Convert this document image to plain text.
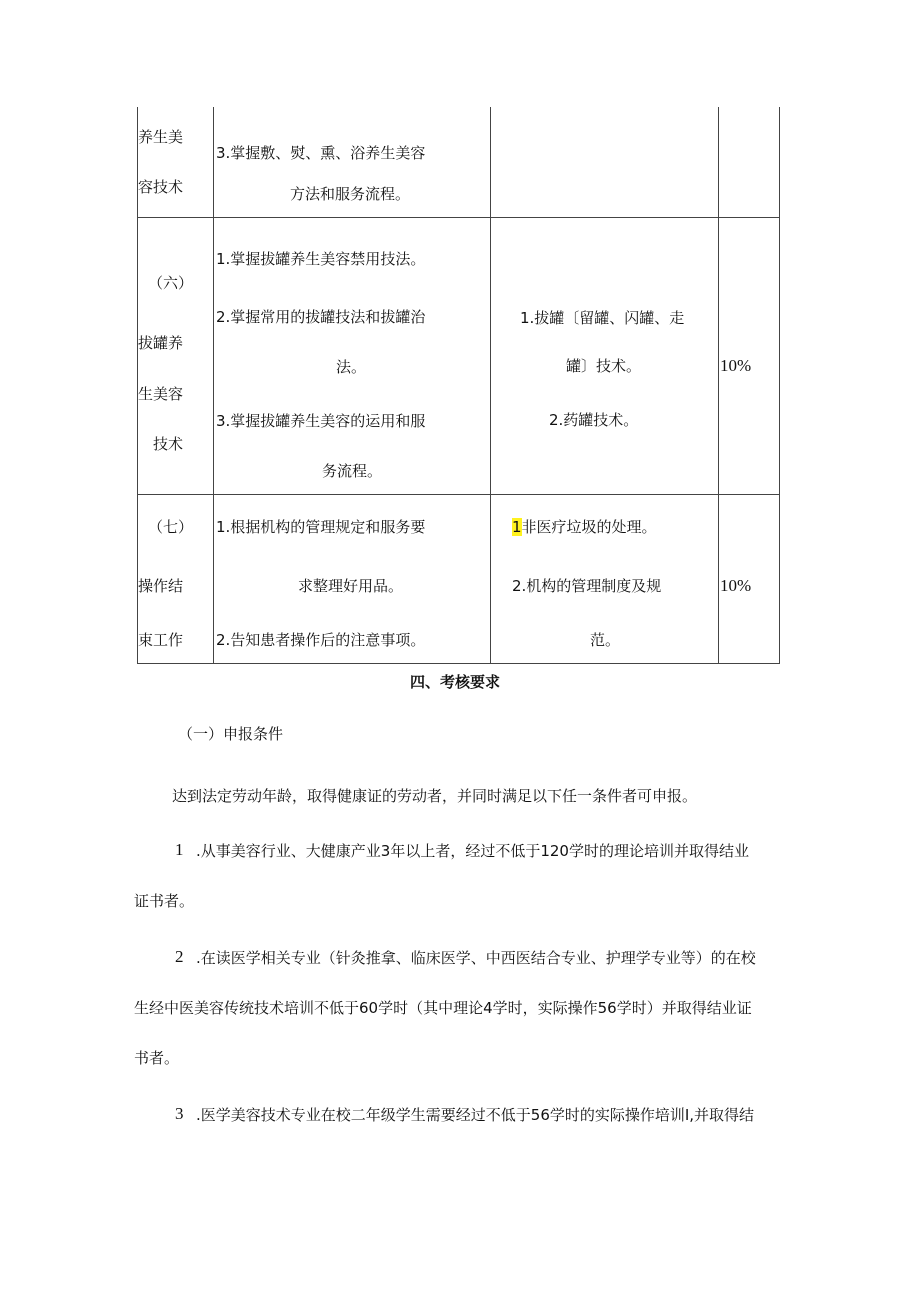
养生美
容技术
3.掌握敷、熨、熏、浴养生美容
方法和服务流程。
（六）
拔罐养
生美容
技术
1.掌握拔罐养生美容禁用技法。
2.掌握常用的拔罐技法和拔罐治
法。
3.掌握拔罐养生美容的运用和服
务流程。
1.拔罐〔留罐、闪罐、走
罐〕技术。
2.药罐技术。
10%
（七）
操作结
束工作
1.根据机构的管理规定和服务要
求整理好用品。
2.告知患者操作后的注意事项。
1非医疗垃圾的处理。
2.机构的管理制度及规
范。
10%
四、考核要求
（一）申报条件
达到法定劳动年龄，取得健康证的劳动者，并同时满足以下任一条件者可申报。
1 .从事美容行业、大健康产业3年以上者，经过不低于120学时的理论培训并取得结业
证书者。
2 .在读医学相关专业（针灸推拿、临床医学、中西医结合专业、护理学专业等）的在校
生经中医美容传统技术培训不低于60学时（其中理论4学时，实际操作56学时）并取得结业证
书者。
3 .医学美容技术专业在校二年级学生需要经过不低于56学时的实际操作培训I,并取得结
